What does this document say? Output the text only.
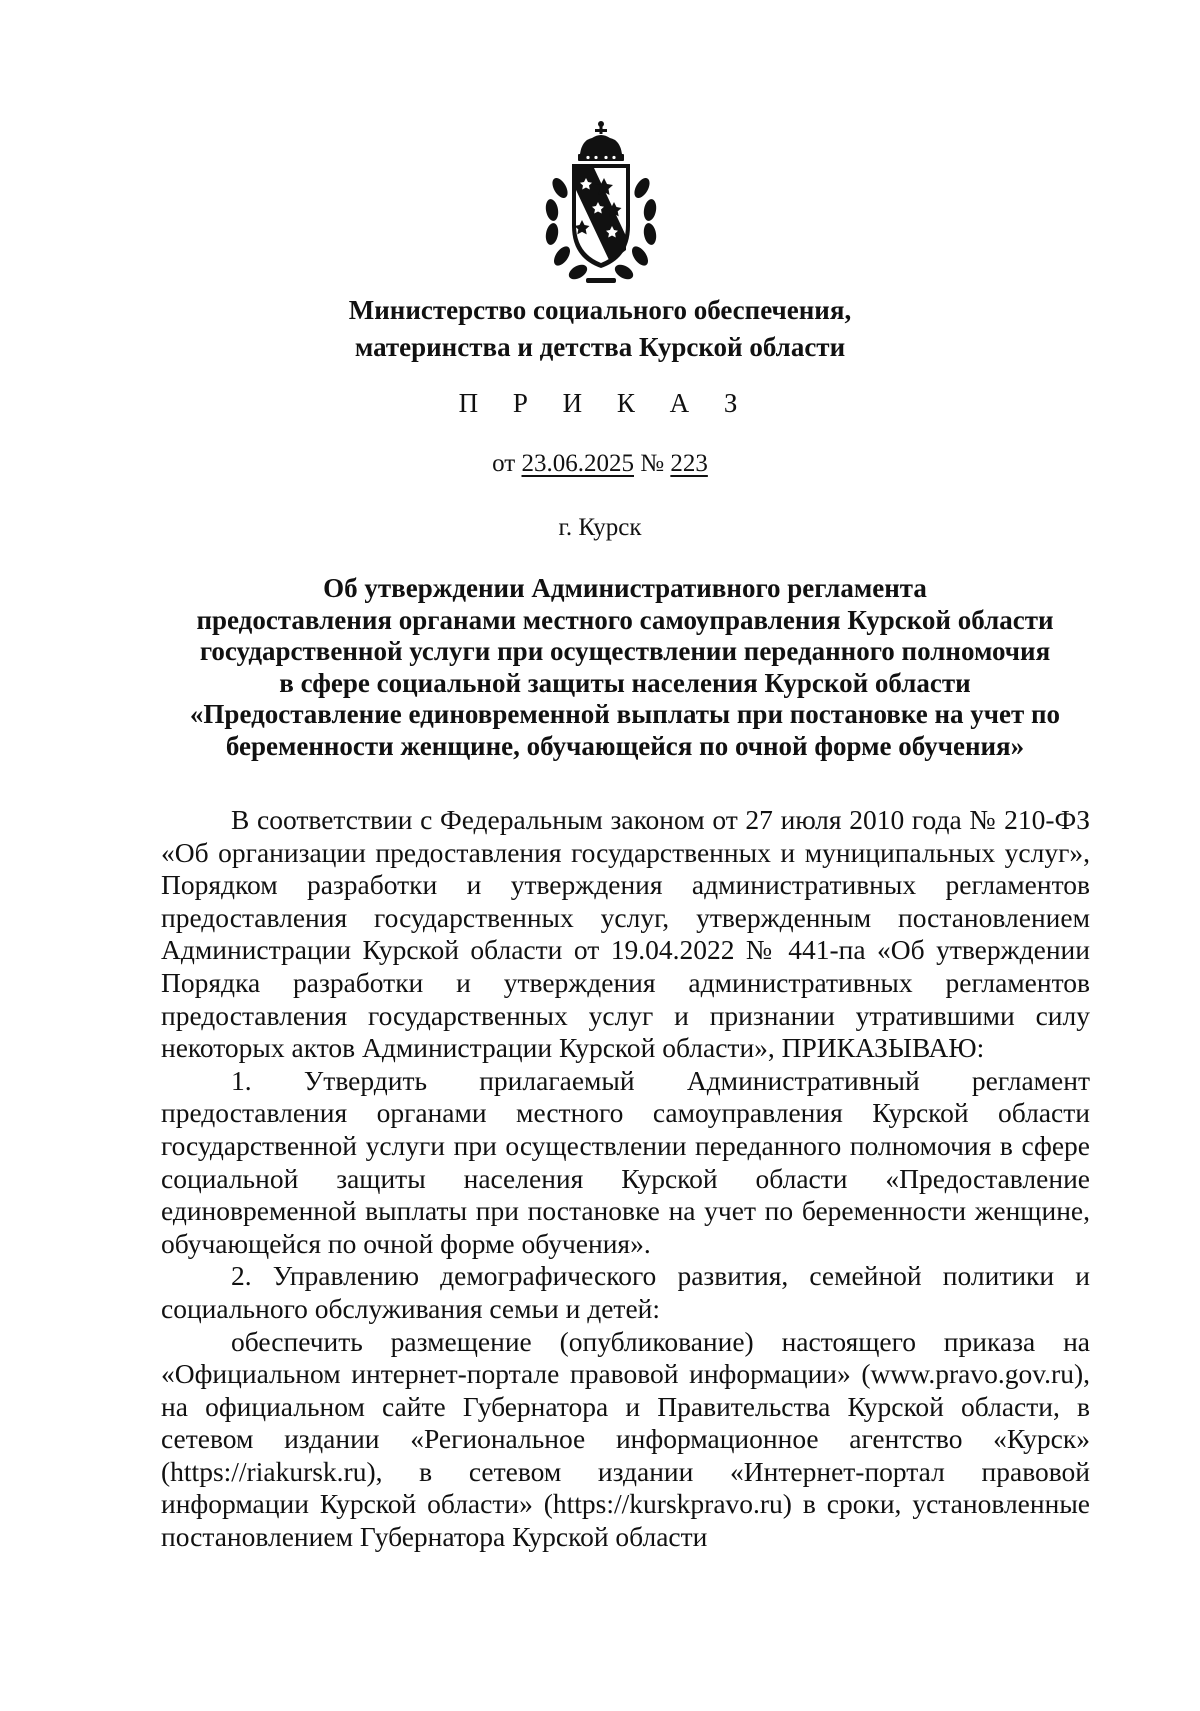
Министерство социального обеспечения,
материнства и детства Курской области
П Р И К А З
от 23.06.2025 № 223
г. Курск
Об утверждении Административного регламента
предоставления органами местного самоуправления Курской области
государственной услуги при осуществлении переданного полномочия
в сфере социальной защиты населения Курской области
«Предоставление единовременной выплаты при постановке на учет по
беременности женщине, обучающейся по очной форме обучения»

В соответствии с Федеральным законом от 27 июля 2010 года № 210-ФЗ «Об организации предоставления государственных и муниципальных услуг», Порядком разработки и утверждения административных регламентов предоставления государственных услуг, утвержденным постановлением Администрации Курской области от 19.04.2022 № 441-па «Об утверждении Порядка разработки и утверждения административных регламентов предоставления государственных услуг и признании утратившими силу некоторых актов Администрации Курской области», ПРИКАЗЫВАЮ:

1. Утвердить прилагаемый Административный регламент предоставления органами местного самоуправления Курской области государственной услуги при осуществлении переданного полномочия в сфере социальной защиты населения Курской области «Предоставление единовременной выплаты при постановке на учет по беременности женщине, обучающейся по очной форме обучения».

2. Управлению демографического развития, семейной политики и социального обслуживания семьи и детей:

обеспечить размещение (опубликование) настоящего приказа на «Официальном интернет-портале правовой информации» (www.pravo.gov.ru), на официальном сайте Губернатора и Правительства Курской области, в сетевом издании «Региональное информационное агентство «Курск» (https://riakursk.ru), в сетевом издании «Интернет-портал правовой информации Курской области» (https://kurskpravo.ru) в сроки, установленные постановлением Губернатора Курской области
